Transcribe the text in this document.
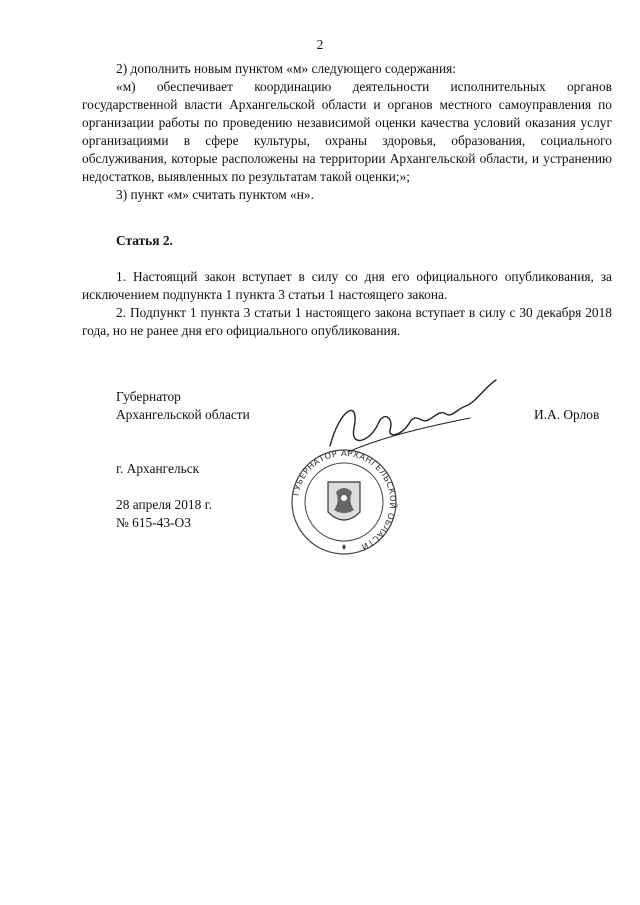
2

2) дополнить новым пунктом «м» следующего содержания:

«м) обеспечивает координацию деятельности исполнительных органов государственной власти Архангельской области и органов местного самоуправления по организации работы по проведению независимой оценки качества условий оказания услуг организациями в сфере культуры, охраны здоровья, образования, социального обслуживания, которые расположены на территории Архангельской области, и устранению недостатков, выявленных по результатам такой оценки;»;

3) пункт «м» считать пунктом «н».

Статья 2.

1. Настоящий закон вступает в силу со дня его официального опубликования, за исключением подпункта 1 пункта 3 статьи 1 настоящего закона.

2. Подпункт 1 пункта 3 статьи 1 настоящего закона вступает в силу с 30 декабря 2018 года, но не ранее дня его официального опубликования.

Губернатор
Архангельской области	И.А. Орлов
г. Архангельск
28 апреля 2018 г.
№ 615-43-ОЗ
ГУБЕРНАТОР АРХАНГЕЛЬСКОЙ ОБЛАСТИ
